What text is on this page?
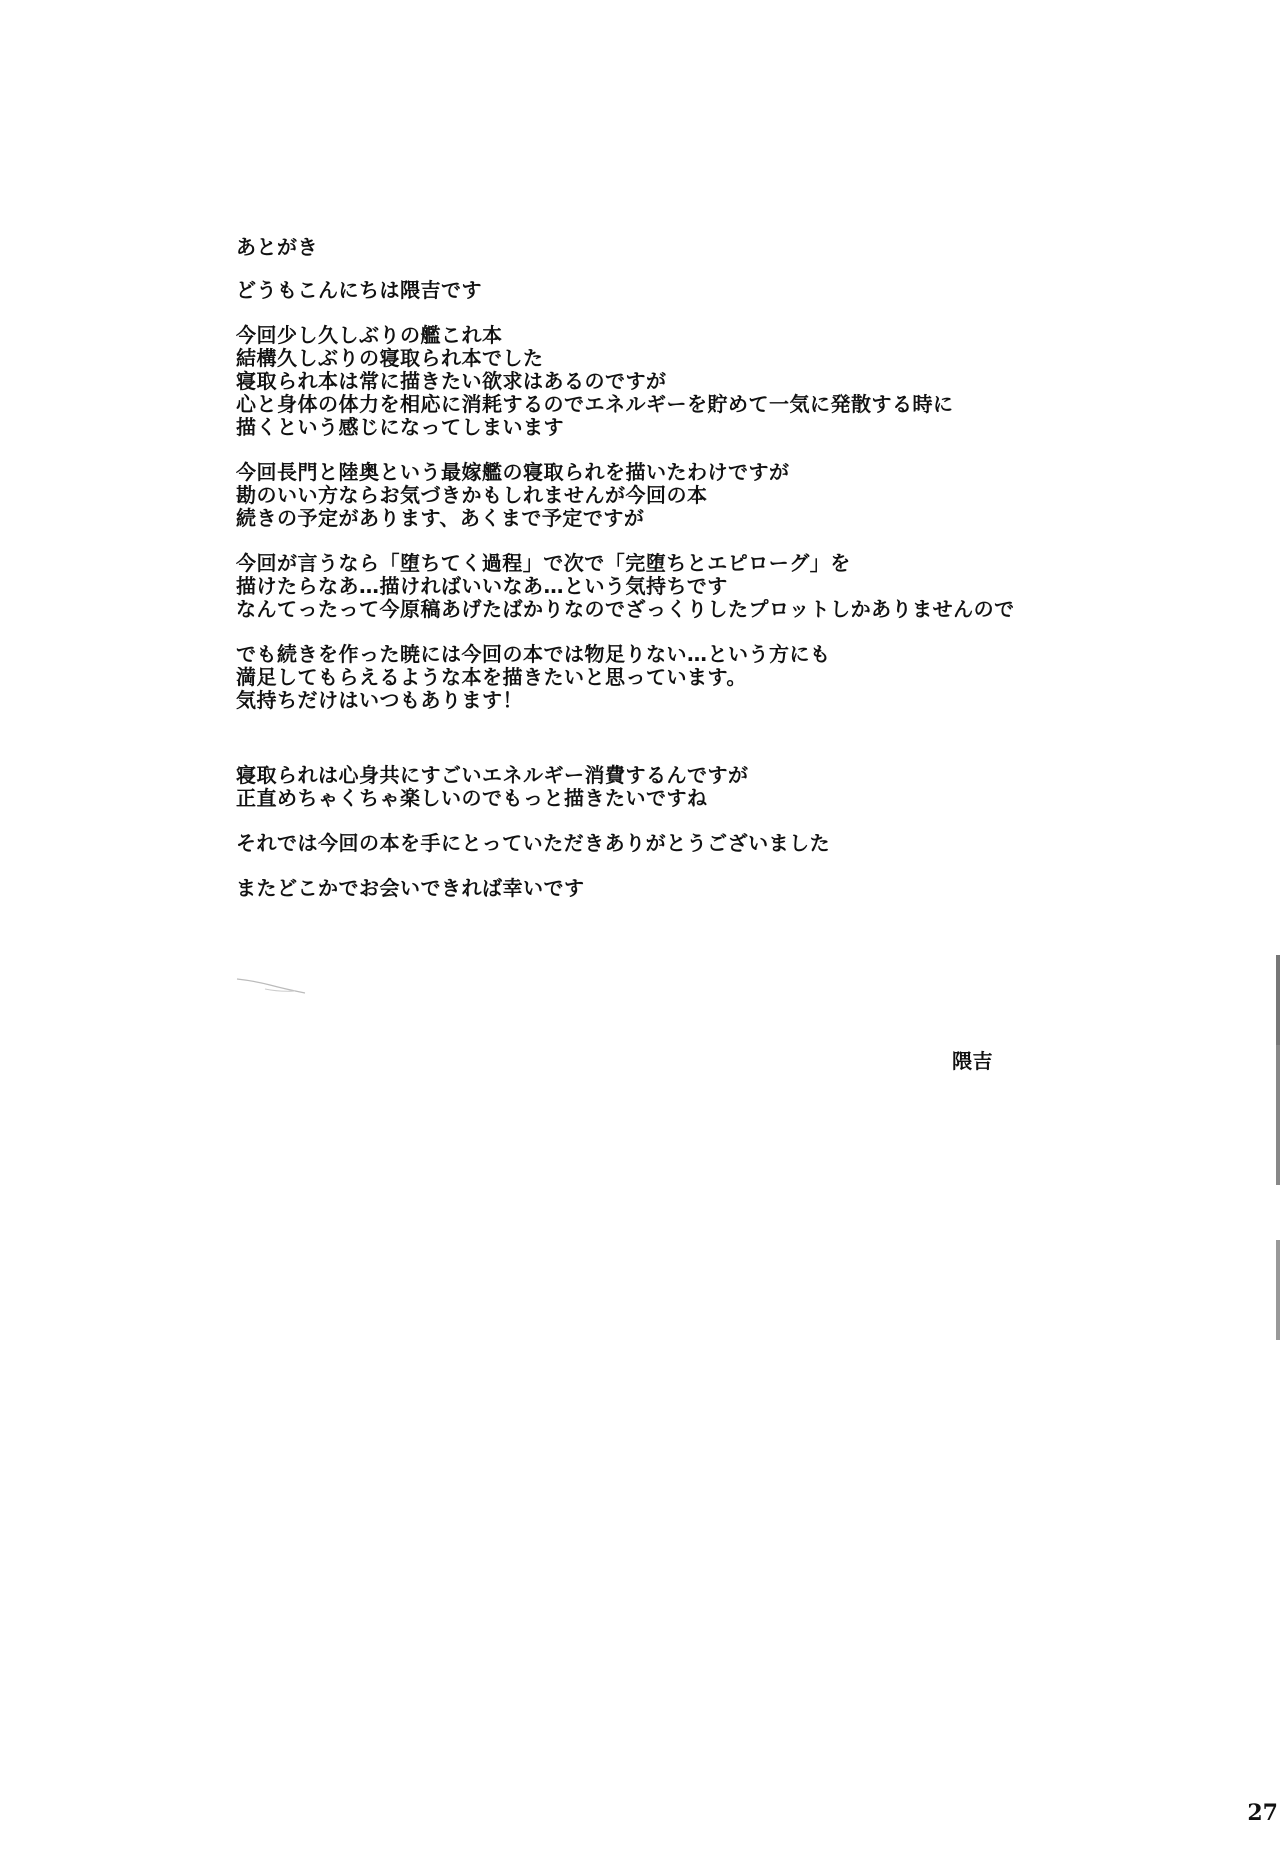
あとがき
どうもこんにちは隈吉です
今回少し久しぶりの艦これ本
結構久しぶりの寝取られ本でした
寝取られ本は常に描きたい欲求はあるのですが
心と身体の体力を相応に消耗するのでエネルギーを貯めて一気に発散する時に
描くという感じになってしまいます
今回長門と陸奥という最嫁艦の寝取られを描いたわけですが
勘のいい方ならお気づきかもしれませんが今回の本
続きの予定があります、あくまで予定ですが
今回が言うなら「堕ちてく過程」で次で「完堕ちとエピローグ」を
描けたらなあ…描ければいいなあ…という気持ちです
なんてったって今原稿あげたばかりなのでざっくりしたプロットしかありませんので
でも続きを作った暁には今回の本では物足りない…という方にも
満足してもらえるような本を描きたいと思っています。
気持ちだけはいつもあります！
寝取られは心身共にすごいエネルギー消費するんですが
正直めちゃくちゃ楽しいのでもっと描きたいですね
それでは今回の本を手にとっていただきありがとうございました
またどこかでお会いできれば幸いです
隈吉
27
